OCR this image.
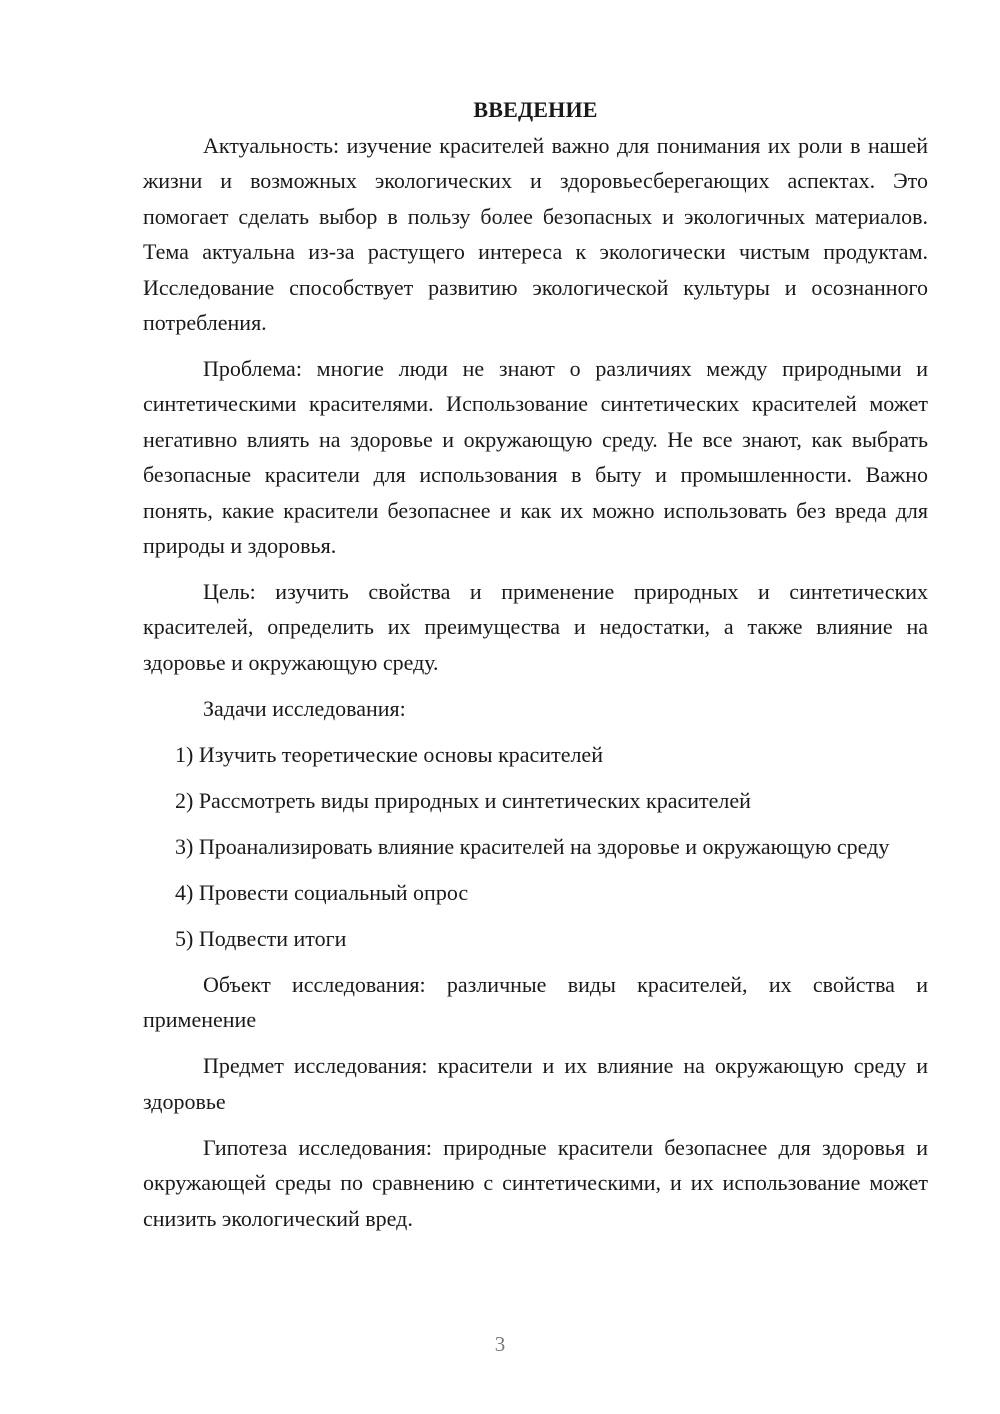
ВВЕДЕНИЕ

Актуальность: изучение красителей важно для понимания их роли в нашей жизни и возможных экологических и здоровьесберегающих аспектах. Это помогает сделать выбор в пользу более безопасных и экологичных материалов. Тема актуальна из-за растущего интереса к экологически чистым продуктам. Исследование способствует развитию экологической культуры и осознанного потребления.

Проблема: многие люди не знают о различиях между природными и синтетическими красителями. Использование синтетических красителей может негативно влиять на здоровье и окружающую среду. Не все знают, как выбрать безопасные красители для использования в быту и промышленности. Важно понять, какие красители безопаснее и как их можно использовать без вреда для природы и здоровья.

Цель: изучить свойства и применение природных и синтетических красителей, определить их преимущества и недостатки, а также влияние на здоровье и окружающую среду.

Задачи исследования:

1) Изучить теоретические основы красителей

2) Рассмотреть виды природных и синтетических красителей

3) Проанализировать влияние красителей на здоровье и окружающую среду

4) Провести социальный опрос

5) Подвести итоги

Объект исследования: различные виды красителей, их свойства и применение

Предмет исследования: красители и их влияние на окружающую среду и здоровье

Гипотеза исследования: природные красители безопаснее для здоровья и окружающей среды по сравнению с синтетическими, и их использование может снизить экологический вред.

3
